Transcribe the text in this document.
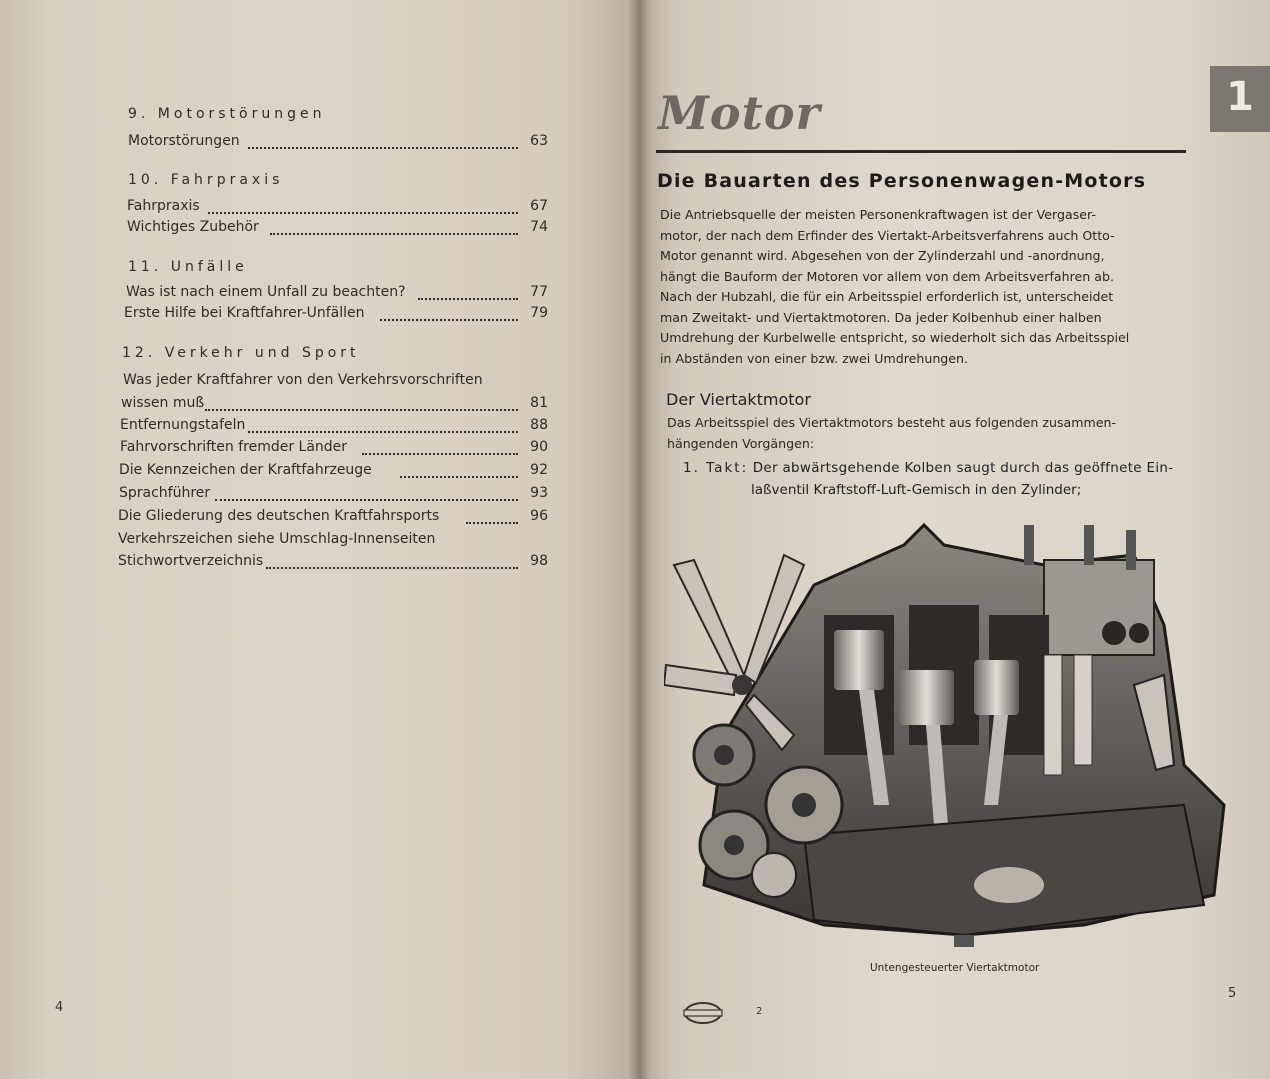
9. Motorstörungen
Motorstörungen	63
10. Fahrpraxis
Fahrpraxis	67
Wichtiges Zubehör	74
11. Unfälle
Was ist nach einem Unfall zu beachten?	77
Erste Hilfe bei Kraftfahrer-Unfällen	79
12. Verkehr und Sport
Was jeder Kraftfahrer von den Verkehrsvorschriften
wissen muß	81
Entfernungstafeln	88
Fahrvorschriften fremder Länder	90
Die Kennzeichen der Kraftfahrzeuge	92
Sprachführer	93
Die Gliederung des deutschen Kraftfahrsports	96
Verkehrszeichen siehe Umschlag-Innenseiten
Stichwortverzeichnis	98
4
1
Motor
Die Bauarten des Personenwagen-Motors
Die Antriebsquelle der meisten Personenkraftwagen ist der Vergaser-
motor, der nach dem Erfinder des Viertakt-Arbeitsverfahrens auch Otto-
Motor genannt wird. Abgesehen von der Zylinderzahl und -anordnung,
hängt die Bauform der Motoren vor allem von dem Arbeitsverfahren ab.
Nach der Hubzahl, die für ein Arbeitsspiel erforderlich ist, unterscheidet
man Zweitakt- und Viertaktmotoren. Da jeder Kolbenhub einer halben
Umdrehung der Kurbelwelle entspricht, so wiederholt sich das Arbeitsspiel
in Abständen von einer bzw. zwei Umdrehungen.
Der Viertaktmotor
Das Arbeitsspiel des Viertaktmotors besteht aus folgenden zusammen-
hängenden Vorgängen:
1. Takt: Der abwärtsgehende Kolben saugt durch das geöffnete Ein-
laßventil Kraftstoff-Luft-Gemisch in den Zylinder;
Untengesteuerter Viertaktmotor
2
5
